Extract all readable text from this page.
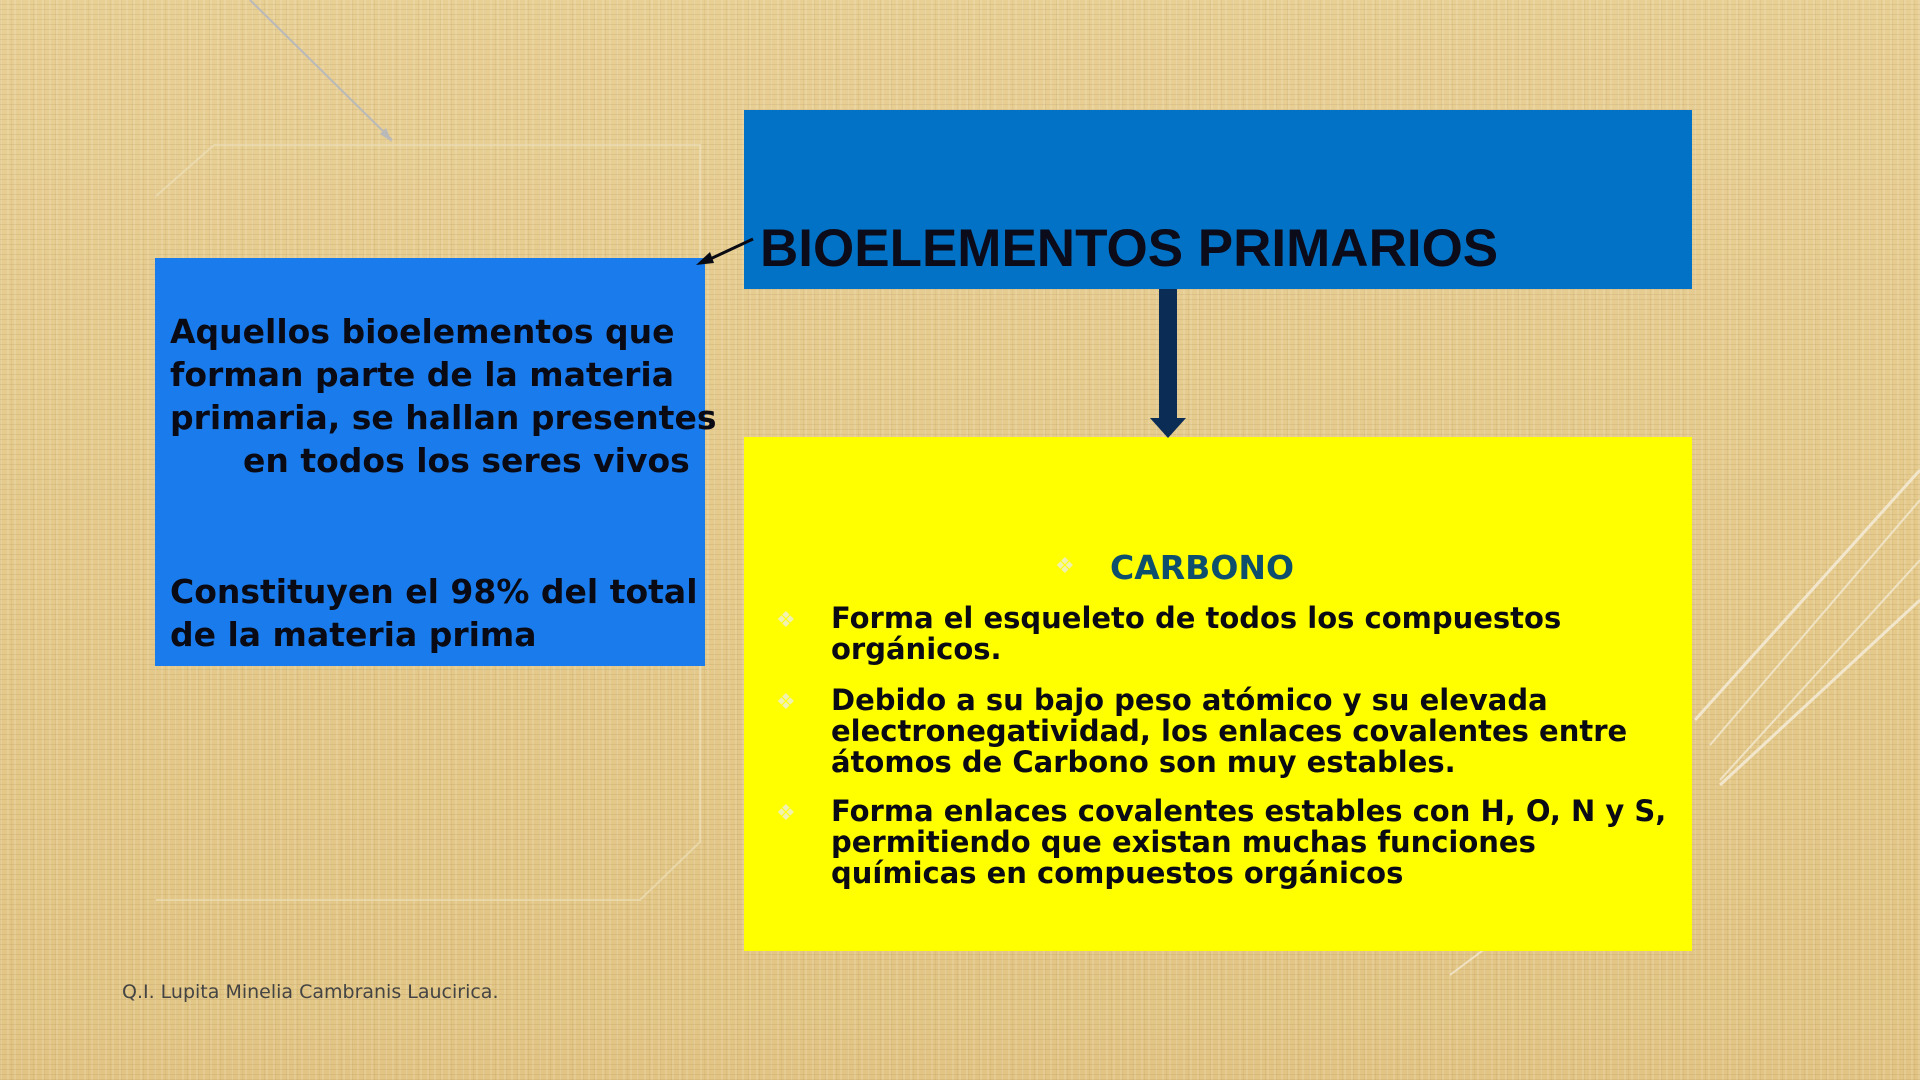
BIOELEMENTOS PRIMARIOS
Aquellos bioelementos que
forman parte de la materia
primaria, se hallan presentes
en todos los seres vivos
Constituyen el 98% del total
de la materia prima
❖ CARBONO
❖ Forma el esqueleto de todos los compuestos
orgánicos.
❖ Debido a su bajo peso atómico y su elevada
electronegatividad, los enlaces covalentes entre
átomos de Carbono son muy estables.
❖ Forma enlaces covalentes estables con H, O, N y S,
permitiendo que existan muchas funciones
químicas en compuestos orgánicos
Q.I. Lupita Minelia Cambranis Laucirica.
